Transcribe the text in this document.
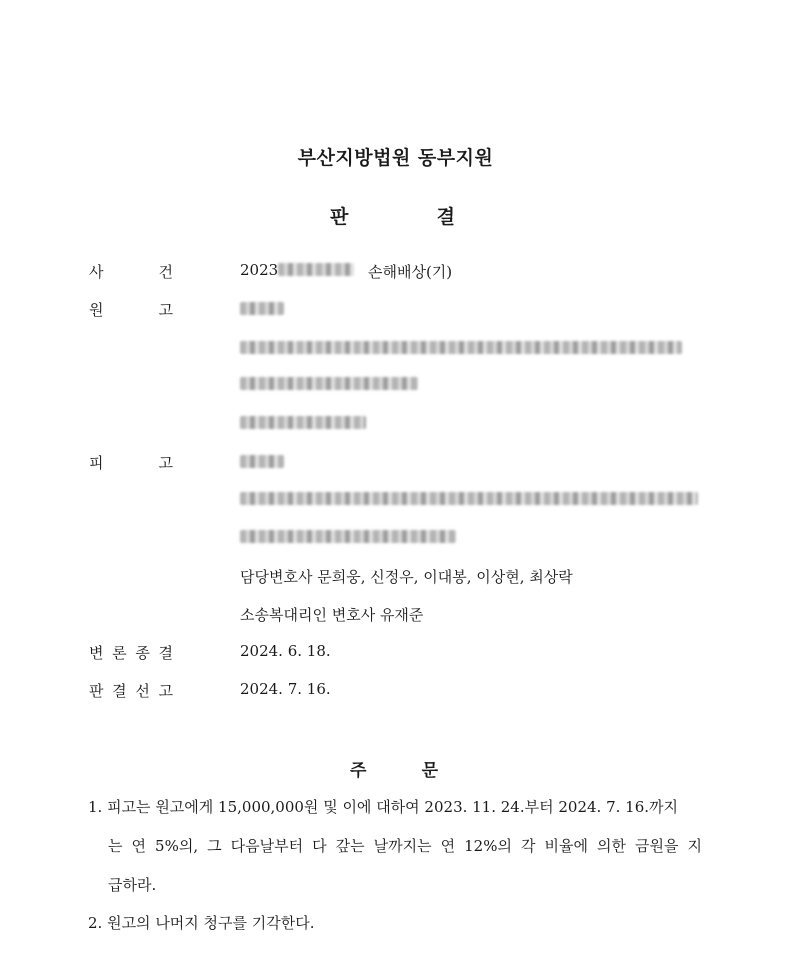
부산지방법원 동부지원
판	결
사	건	2023	손해배상(기)
원	고
피	고
담당변호사 문희웅, 신정우, 이대봉, 이상현, 최상락
소송복대리인 변호사 유재준
변 론 종 결	2024. 6. 18.
판 결 선 고	2024. 7. 16.
주	문
1. 피고는 원고에게 15,000,000원 및 이에 대하여 2023. 11. 24.부터 2024. 7. 16.까지
는 연 5%의, 그 다음날부터 다 갚는 날까지는 연 12%의 각 비율에 의한 금원을 지
급하라.
2. 원고의 나머지 청구를 기각한다.
